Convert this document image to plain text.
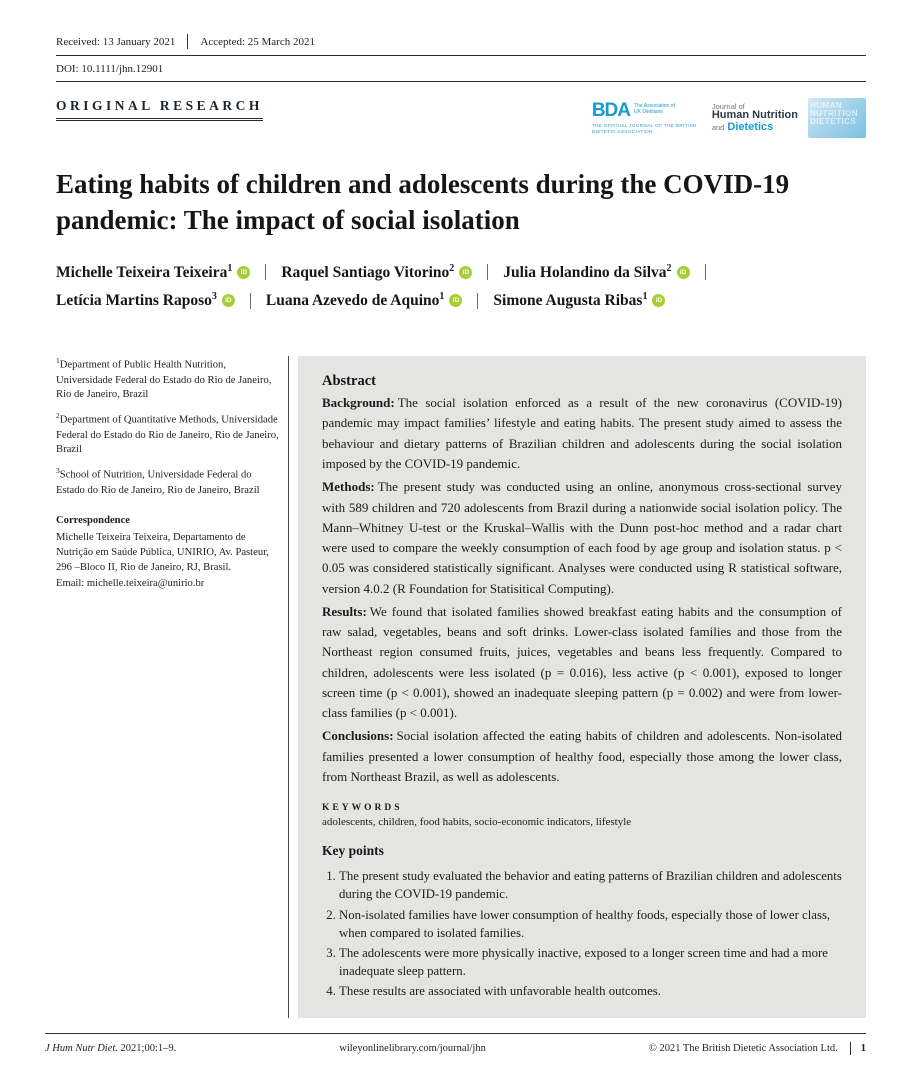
Received: 13 January 2021 Accepted: 25 March 2021
DOI: 10.1111/jhn.12901
ORIGINAL RESEARCH	BDA The Association of UK Dietitians
THE OFFICIAL JOURNAL OF THE BRITISH DIETETIC ASSOCIATION
Journal of
Human Nutrition
and Dietetics
HUMAN NUTRITION DIETETICS
Eating habits of children and adolescents during the COVID-19 pandemic: The impact of social isolation
Michelle Teixeira Teixeira$^1$	iD Raquel Santiago Vitorino$^2$	iD Julia Holandino da Silva$^2$	iD
Letícia Martins Raposo$^3$	iD Luana Azevedo de Aquino$^1$	iD Simone Augusta Ribas$^1$	iD
$^1$Department of Public Health Nutrition, Universidade Federal do Estado do Rio de Janeiro, Rio de Janeiro, Brazil
$^2$Department of Quantitative Methods, Universidade Federal do Estado do Rio de Janeiro, Rio de Janeiro, Brazil
$^3$School of Nutrition, Universidade Federal do Estado do Rio de Janeiro, Rio de Janeiro, Brazil
Correspondence
Michelle Teixeira Teixeira, Departamento de Nutrição em Saúde Pública, UNIRIO, Av. Pasteur, 296 –Bloco II, Rio de Janeiro, RJ, Brasil.
Email: michelle.teixeira@unirio.br
Abstract

Background: The social isolation enforced as a result of the new coronavirus (COVID-19) pandemic may impact families’ lifestyle and eating habits. The present study aimed to assess the behaviour and dietary patterns of Brazilian children and adolescents during the social isolation imposed by the COVID-19 pandemic.

Methods: The present study was conducted using an online, anonymous cross-sectional survey with 589 children and 720 adolescents from Brazil during a nationwide social isolation policy. The Mann–Whitney U-test or the Kruskal–Wallis with the Dunn post-hoc method and a radar chart were used to compare the weekly consumption of each food by age group and isolation status. p < 0.05 was considered statistically significant. Analyses were conducted using R statistical software, version 4.0.2 (R Foundation for Statisitical Computing).

Results: We found that isolated families showed breakfast eating habits and the consumption of raw salad, vegetables, beans and soft drinks. Lower-class isolated families and those from the Northeast region consumed fruits, juices, vegetables and beans less frequently. Compared to children, adolescents were less isolated (p = 0.016), less active (p < 0.001), exposed to longer screen time (p < 0.001), showed an inadequate sleeping pattern (p = 0.002) and were from lower-class families (p < 0.001).

Conclusions: Social isolation affected the eating habits of children and adolescents. Non-isolated families presented a lower consumption of healthy food, especially those among the lower class, from Northeast Brazil, as well as adolescents.

KEYWORDS
adolescents, children, food habits, socio-economic indicators, lifestyle
Key points
1. The present study evaluated the behavior and eating patterns of Brazilian children and adolescents during the COVID-19 pandemic.
2. Non-isolated families have lower consumption of healthy foods, especially those of lower class, when compared to isolated families.
3. The adolescents were more physically inactive, exposed to a longer screen time and had a more inadequate sleep pattern.
4. These results are associated with unfavorable health outcomes.
J Hum Nutr Diet. 2021;00:1–9.	wileyonlinelibrary.com/journal/jhn	© 2021 The British Dietetic Association Ltd.	1
